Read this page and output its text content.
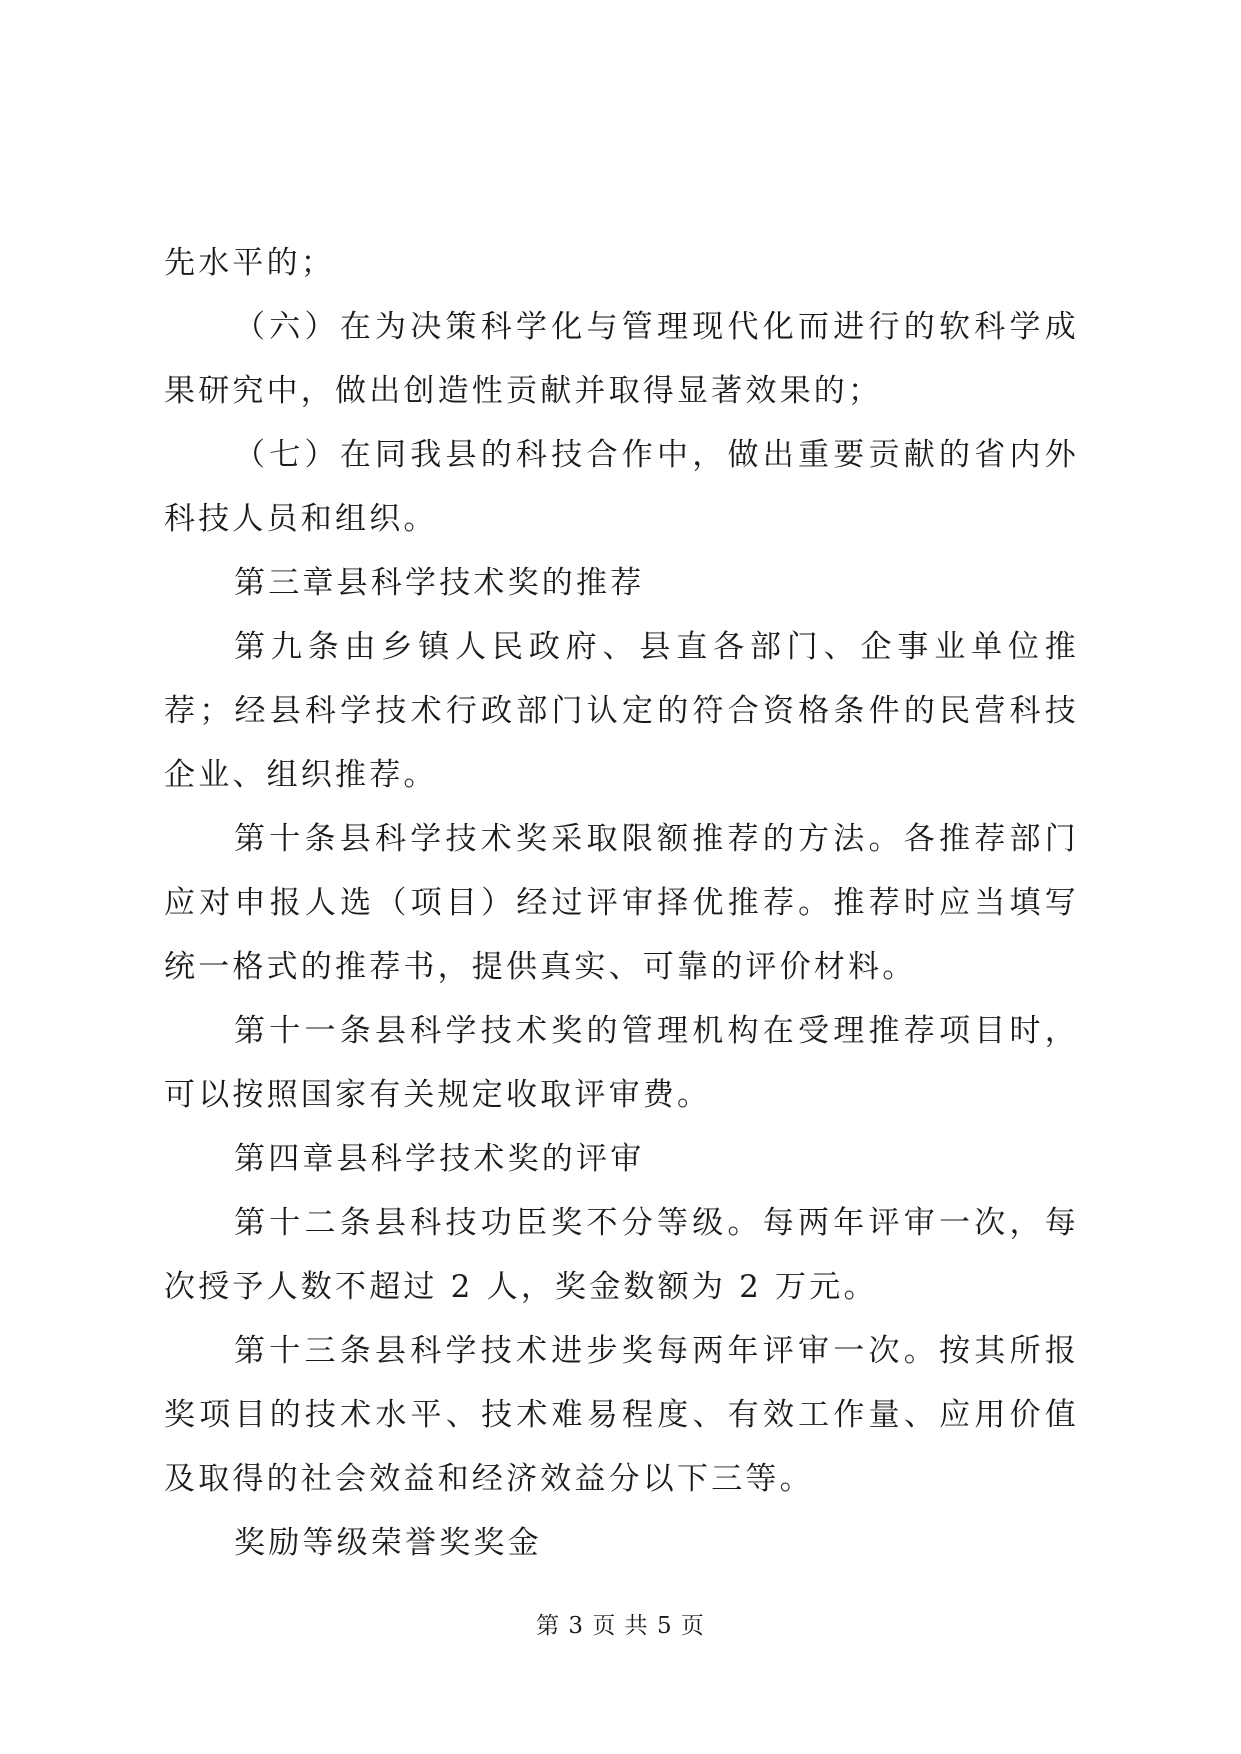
先水平的；

（六）在为决策科学化与管理现代化而进行的软科学成果研究中，做出创造性贡献并取得显著效果的；

（七）在同我县的科技合作中，做出重要贡献的省内外科技人员和组织。

第三章县科学技术奖的推荐

第九条由乡镇人民政府、县直各部门、企事业单位推荐；经县科学技术行政部门认定的符合资格条件的民营科技企业、组织推荐。

第十条县科学技术奖采取限额推荐的方法。各推荐部门应对申报人选（项目）经过评审择优推荐。推荐时应当填写统一格式的推荐书，提供真实、可靠的评价材料。

第十一条县科学技术奖的管理机构在受理推荐项目时，可以按照国家有关规定收取评审费。

第四章县科学技术奖的评审

第十二条县科技功臣奖不分等级。每两年评审一次，每次授予人数不超过 2 人，奖金数额为 2 万元。

第十三条县科学技术进步奖每两年评审一次。按其所报奖项目的技术水平、技术难易程度、有效工作量、应用价值及取得的社会效益和经济效益分以下三等。

奖励等级荣誉奖奖金

第 3 页 共 5 页
